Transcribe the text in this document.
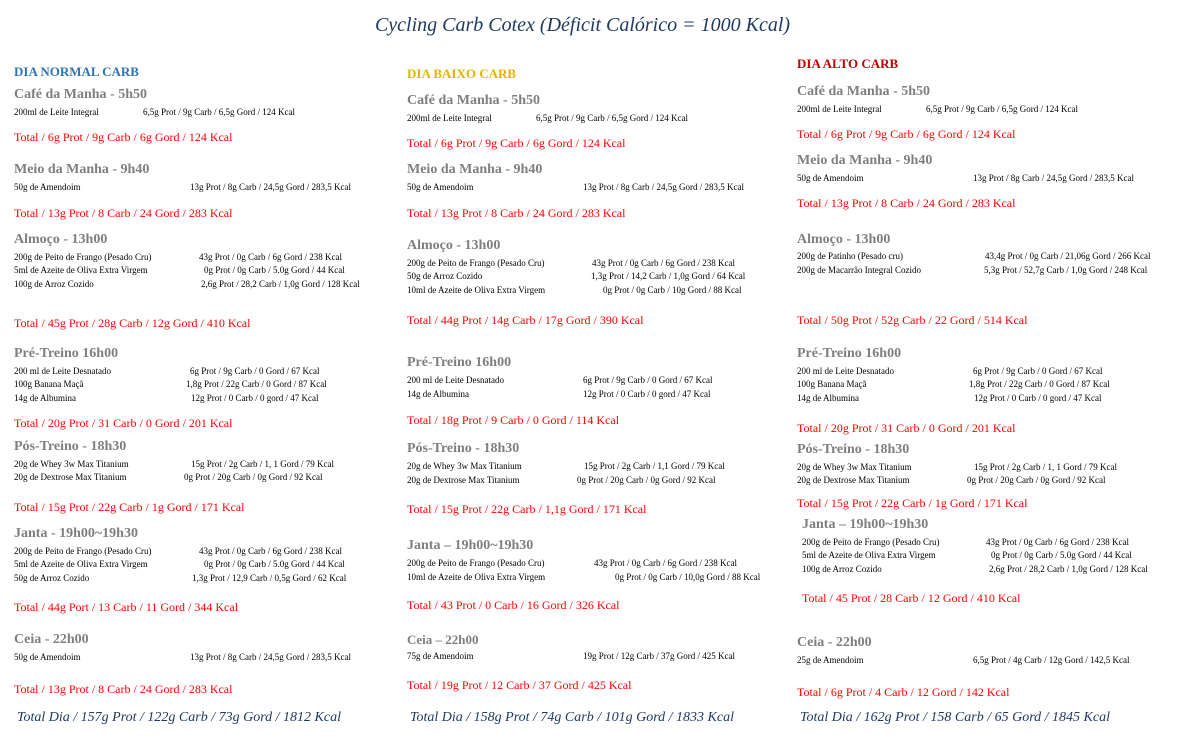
Cycling Carb Cotex (Déficit Calórico = 1000 Kcal)
DIA NORMAL CARB
Café da Manha - 5h50
200ml de Leite Integral	6,5g Prot / 9g Carb / 6,5g Gord / 124 Kcal
Total / 6g Prot / 9g Carb / 6g Gord / 124 Kcal
Meio da Manha - 9h40
50g de Amendoim	13g Prot / 8g Carb / 24,5g Gord / 283,5 Kcal
Total / 13g Prot / 8 Carb / 24 Gord / 283 Kcal
Almoço - 13h00
200g de Peito de Frango (Pesado Cru)	43g Prot / 0g Carb / 6g Gord / 238 Kcal
5ml de Azeite de Oliva Extra Virgem	0g Prot / 0g Carb / 5.0g Gord / 44 Kcal
100g de Arroz Cozido	2,6g Prot / 28,2 Carb / 1,0g Gord / 128 Kcal
Total / 45g Prot / 28g Carb / 12g Gord / 410 Kcal
Pré-Treino 16h00
200 ml de Leite Desnatado	6g Prot / 9g Carb / 0 Gord / 67 Kcal
100g Banana Maçã	1,8g Prot / 22g Carb / 0 Gord / 87 Kcal
14g de Albumina	12g Prot / 0 Carb / 0 gord / 47 Kcal
Total / 20g Prot / 31 Carb / 0 Gord / 201 Kcal
Pós-Treino - 18h30
20g de Whey 3w Max Titanium	15g Prot / 2g Carb / 1, 1 Gord / 79 Kcal
20g de Dextrose Max Titanium	0g Prot / 20g Carb / 0g Gord / 92 Kcal
Total / 15g Prot / 22g Carb / 1g Gord / 171 Kcal
Janta - 19h00~19h30
200g de Peito de Frango (Pesado Cru)	43g Prot / 0g Carb / 6g Gord / 238 Kcal
5ml de Azeite de Oliva Extra Virgem	0g Prot / 0g Carb / 5.0g Gord / 44 Kcal
50g de Arroz Cozido	1,3g Prot / 12,9 Carb / 0,5g Gord / 62 Kcal
Total / 44g Port / 13 Carb / 11 Gord / 344 Kcal
Ceia - 22h00
50g de Amendoim	13g Prot / 8g Carb / 24,5g Gord / 283,5 Kcal
Total / 13g Prot / 8 Carb / 24 Gord / 283 Kcal
Total Dia / 157g Prot / 122g Carb / 73g Gord / 1812 Kcal
DIA BAIXO CARB
Café da Manha - 5h50
200ml de Leite Integral	6,5g Prot / 9g Carb / 6,5g Gord / 124 Kcal
Total / 6g Prot / 9g Carb / 6g Gord / 124 Kcal
Meio da Manha - 9h40
50g de Amendoim	13g Prot / 8g Carb / 24,5g Gord / 283,5 Kcal
Total / 13g Prot / 8 Carb / 24 Gord / 283 Kcal
Almoço - 13h00
200g de Peito de Frango (Pesado Cru)	43g Prot / 0g Carb / 6g Gord / 238 Kcal
50g de Arroz Cozido	1,3g Prot / 14,2 Carb / 1,0g Gord / 64 Kcal
10ml de Azeite de Oliva Extra Virgem	0g Prot / 0g Carb / 10g Gord / 88 Kcal
Total / 44g Prot / 14g Carb / 17g Gord / 390 Kcal
Pré-Treino 16h00
200 ml de Leite Desnatado	6g Prot / 9g Carb / 0 Gord / 67 Kcal
14g de Albumina	12g Prot / 0 Carb / 0 gord / 47 Kcal
Total / 18g Prot / 9 Carb / 0 Gord / 114 Kcal
Pós-Treino - 18h30
20g de Whey 3w Max Titanium	15g Prot / 2g Carb / 1,1 Gord / 79 Kcal
20g de Dextrose Max Titanium	0g Prot / 20g Carb / 0g Gord / 92 Kcal
Total / 15g Prot / 22g Carb / 1,1g Gord / 171 Kcal
Janta – 19h00~19h30
200g de Peito de Frango (Pesado Cru)	43g Prot / 0g Carb / 6g Gord / 238 Kcal
10ml de Azeite de Oliva Extra Virgem	0g Prot / 0g Carb / 10,0g Gord / 88 Kcal
Total / 43 Prot / 0 Carb / 16 Gord / 326 Kcal
Ceia – 22h00
75g de Amendoim	19g Prot / 12g Carb / 37g Gord / 425 Kcal
Total / 19g Prot / 12 Carb / 37 Gord / 425 Kcal
Total Dia / 158g Prot / 74g Carb / 101g Gord / 1833 Kcal
DIA ALTO CARB
Café da Manha - 5h50
200ml de Leite Integral	6,5g Prot / 9g Carb / 6,5g Gord / 124 Kcal
Total / 6g Prot / 9g Carb / 6g Gord / 124 Kcal
Meio da Manha - 9h40
50g de Amendoim	13g Prot / 8g Carb / 24,5g Gord / 283,5 Kcal
Total / 13g Prot / 8 Carb / 24 Gord / 283 Kcal
Almoço - 13h00
200g de Patinho (Pesado cru)	43,4g Prot / 0g Carb / 21,06g Gord / 266 Kcal
200g de Macarrão Integral Cozido	5,3g Prot / 52,7g Carb / 1,0g Gord / 248 Kcal
Total / 50g Prot / 52g Carb / 22 Gord / 514 Kcal
Pré-Treino 16h00
200 ml de Leite Desnatado	6g Prot / 9g Carb / 0 Gord / 67 Kcal
100g Banana Maçã	1,8g Prot / 22g Carb / 0 Gord / 87 Kcal
14g de Albumina	12g Prot / 0 Carb / 0 gord / 47 Kcal
Total / 20g Prot / 31 Carb / 0 Gord / 201 Kcal
Pós-Treino - 18h30
20g de Whey 3w Max Titanium	15g Prot / 2g Carb / 1, 1 Gord / 79 Kcal
20g de Dextrose Max Titanium	0g Prot / 20g Carb / 0g Gord / 92 Kcal
Total / 15g Prot / 22g Carb / 1g Gord / 171 Kcal
Janta – 19h00~19h30
200g de Peito de Frango (Pesado Cru)	43g Prot / 0g Carb / 6g Gord / 238 Kcal
5ml de Azeite de Oliva Extra Virgem	0g Prot / 0g Carb / 5.0g Gord / 44 Kcal
100g de Arroz Cozido	2,6g Prot / 28,2 Carb / 1,0g Gord / 128 Kcal
Total / 45 Prot / 28 Carb / 12 Gord / 410 Kcal
Ceia - 22h00
25g de Amendoim	6,5g Prot / 4g Carb / 12g Gord / 142,5 Kcal
Total / 6g Prot / 4 Carb / 12 Gord / 142 Kcal
Total Dia / 162g Prot / 158 Carb / 65 Gord / 1845 Kcal
